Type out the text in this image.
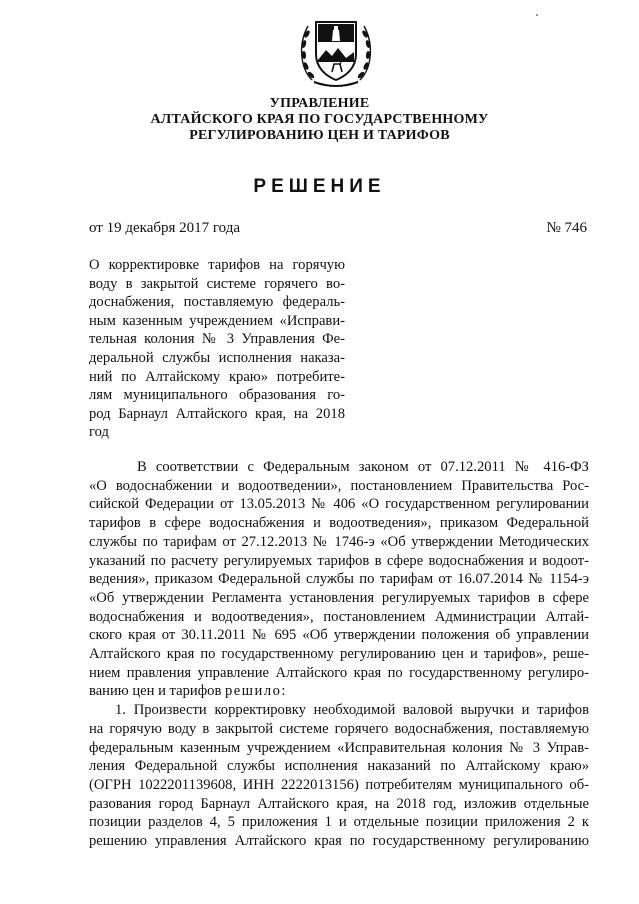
УПРАВЛЕНИЕ
АЛТАЙСКОГО КРАЯ ПО ГОСУДАРСТВЕННОМУ
РЕГУЛИРОВАНИЮ ЦЕН И ТАРИФОВ
РЕШЕНИЕ
от 19 декабря 2017 года	№ 746
О корректировке тарифов на горячую
воду в закрытой системе горячего во-
доснабжения, поставляемую федераль-
ным казенным учреждением «Исправи-
тельная колония № 3 Управления Фе-
деральной службы исполнения наказа-
ний по Алтайскому краю» потребите-
лям муниципального образования го-
род Барнаул Алтайского края, на 2018
год
В соответствии с Федеральным законом от 07.12.2011 № 416-ФЗ
«О водоснабжении и водоотведении», постановлением Правительства Рос-
сийской Федерации от 13.05.2013 № 406 «О государственном регулировании
тарифов в сфере водоснабжения и водоотведения», приказом Федеральной
службы по тарифам от 27.12.2013 № 1746-э «Об утверждении Методических
указаний по расчету регулируемых тарифов в сфере водоснабжения и водоот-
ведения», приказом Федеральной службы по тарифам от 16.07.2014 № 1154-э
«Об утверждении Регламента установления регулируемых тарифов в сфере
водоснабжения и водоотведения», постановлением Администрации Алтай-
ского края от 30.11.2011 № 695 «Об утверждении положения об управлении
Алтайского края по государственному регулированию цен и тарифов», реше-
нием правления управление Алтайского края по государственному регулиро-
ванию цен и тарифов решило:
1. Произвести корректировку необходимой валовой выручки и тарифов
на горячую воду в закрытой системе горячего водоснабжения, поставляемую
федеральным казенным учреждением «Исправительная колония № 3 Управ-
ления Федеральной службы исполнения наказаний по Алтайскому краю»
(ОГРН 1022201139608, ИНН 2222013156) потребителям муниципального об-
разования город Барнаул Алтайского края, на 2018 год, изложив отдельные
позиции разделов 4, 5 приложения 1 и отдельные позиции приложения 2 к
решению управления Алтайского края по государственному регулированию
